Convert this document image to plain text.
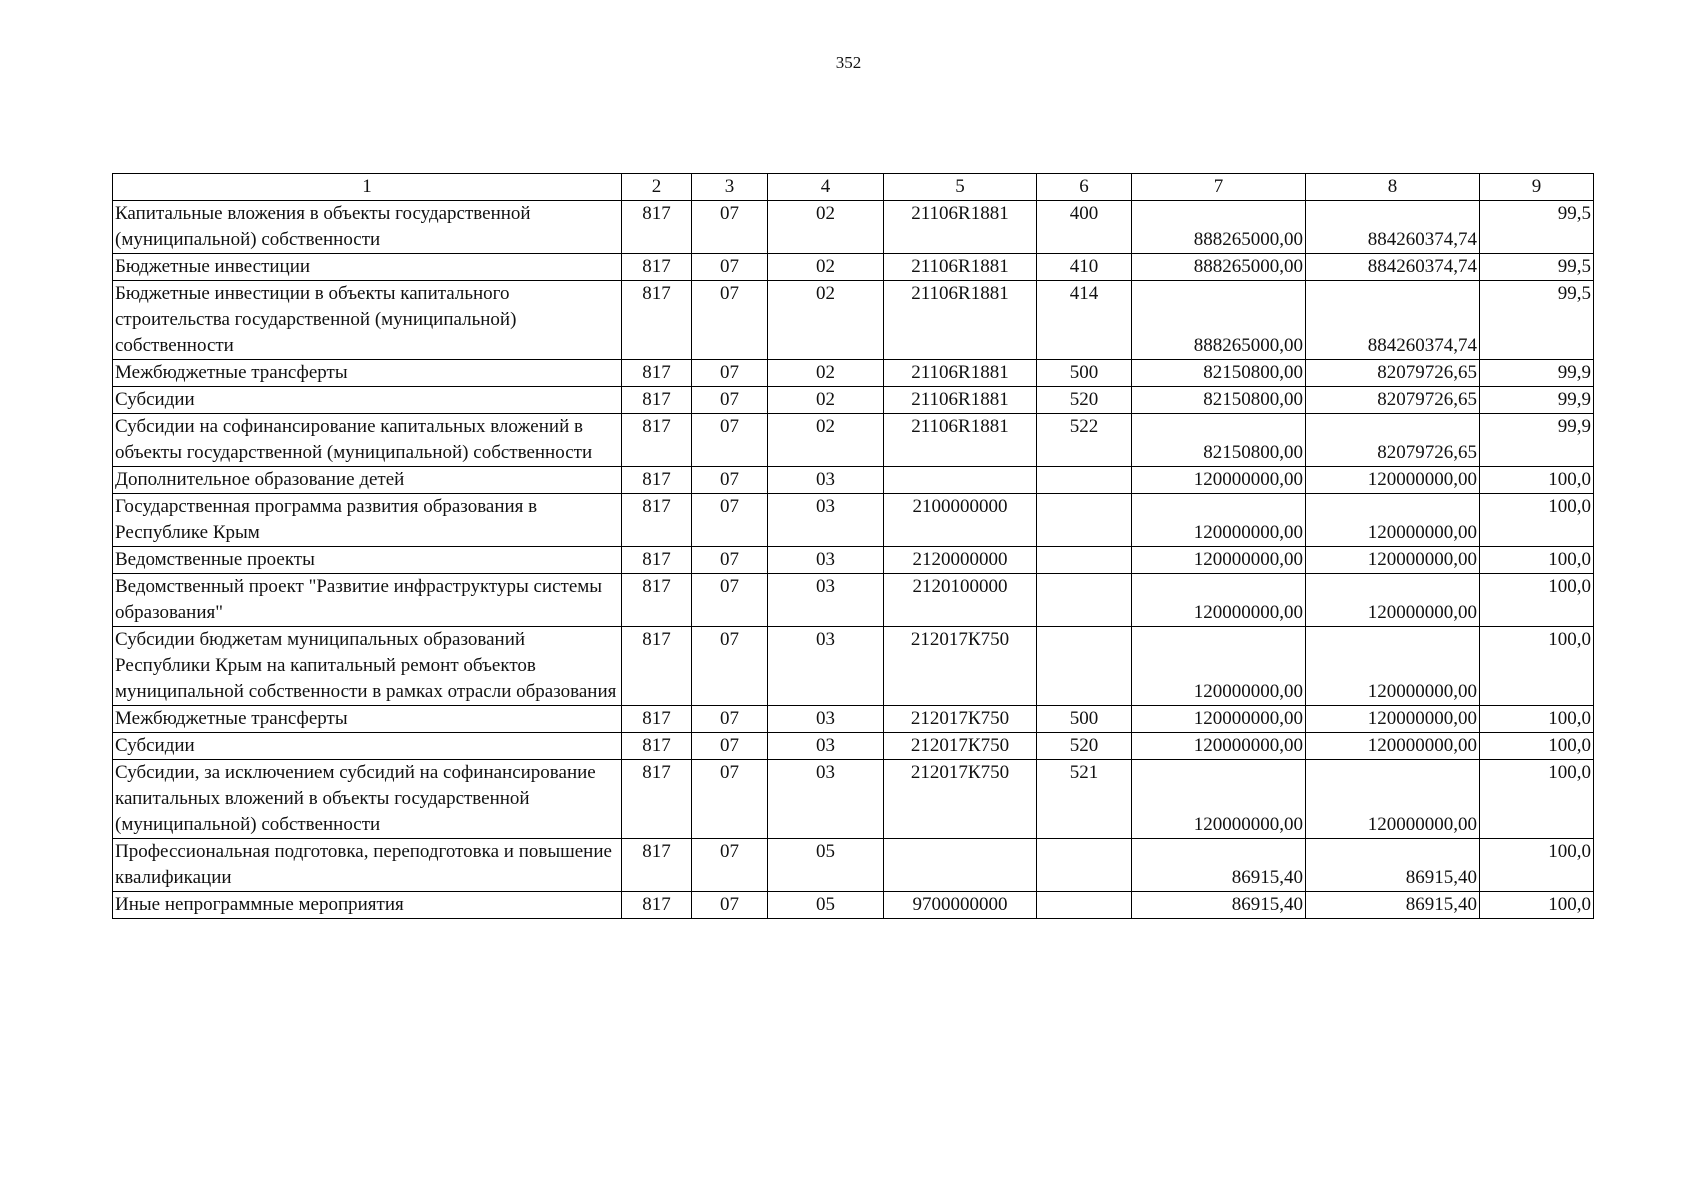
352
1	2	3	4	5	6	7	8	9
Капитальные вложения в объекты государственной (муниципальной) собственности	817	07	02	21106R1881	400	888265000,00	884260374,74	99,5
Бюджетные инвестиции	817	07	02	21106R1881	410	888265000,00	884260374,74	99,5
Бюджетные инвестиции в объекты капитального строительства государственной (муниципальной) собственности	817	07	02	21106R1881	414	888265000,00	884260374,74	99,5
Межбюджетные трансферты	817	07	02	21106R1881	500	82150800,00	82079726,65	99,9
Субсидии	817	07	02	21106R1881	520	82150800,00	82079726,65	99,9
Субсидии на софинансирование капитальных вложений в объекты государственной (муниципальной) собственности	817	07	02	21106R1881	522	82150800,00	82079726,65	99,9
Дополнительное образование детей	817	07	03			120000000,00	120000000,00	100,0
Государственная программа развития образования в Республике Крым	817	07	03	2100000000		120000000,00	120000000,00	100,0
Ведомственные проекты	817	07	03	2120000000		120000000,00	120000000,00	100,0
Ведомственный проект "Развитие инфраструктуры системы образования"	817	07	03	2120100000		120000000,00	120000000,00	100,0
Субсидии бюджетам муниципальных образований Республики Крым на капитальный ремонт объектов муниципальной собственности в рамках отрасли образования	817	07	03	212017К750		120000000,00	120000000,00	100,0
Межбюджетные трансферты	817	07	03	212017К750	500	120000000,00	120000000,00	100,0
Субсидии	817	07	03	212017К750	520	120000000,00	120000000,00	100,0
Субсидии, за исключением субсидий на софинансирование капитальных вложений в объекты государственной (муниципальной) собственности	817	07	03	212017К750	521	120000000,00	120000000,00	100,0
Профессиональная подготовка, переподготовка и повышение квалификации	817	07	05			86915,40	86915,40	100,0
Иные непрограммные мероприятия	817	07	05	9700000000		86915,40	86915,40	100,0
